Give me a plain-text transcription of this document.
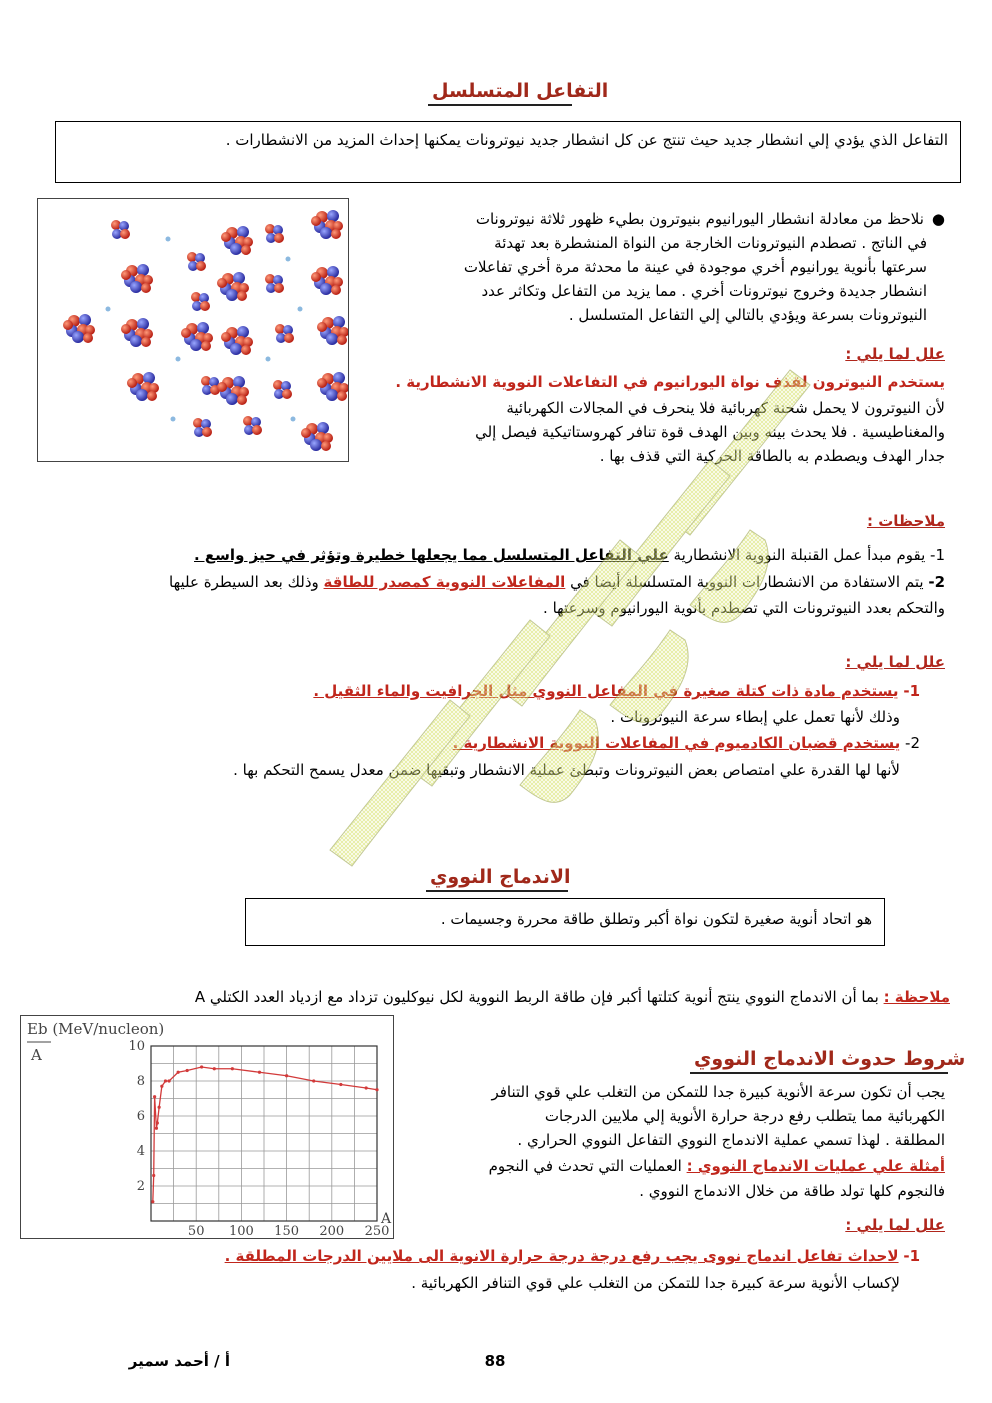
التفاعل المتسلسل
التفاعل الذي يؤدي إلي انشطار جديد حيث تنتج عن كل انشطار جديد نيوترونات يمكنها إحداث المزيد من الانشطارات .
●
نلاحظ من معادلة انشطار اليورانيوم بنيوترون بطيء ظهور ثلاثة نيوترونات
في الناتج . تصطدم النيوترونات الخارجة من النواة المنشطرة بعد تهدئة
سرعتها بأنوية يورانيوم أخري موجودة في عينة ما محدثة مرة أخري تفاعلات
انشطار جديدة وخروج نيوترونات أخري . مما يزيد من التفاعل وتكاثر عدد
النيوترونات بسرعة ويؤدي بالتالي إلي التفاعل المتسلسل .
علل لما يلي :
يستخدم النيوترون لقذف نواة اليورانيوم في التفاعلات النووية الانشطارية .
لأن النيوترون لا يحمل شحنة كهربائية فلا ينحرف في المجالات الكهربائية
والمغناطيسية . فلا يحدث بينه وبين الهدف قوة تنافر كهروستاتيكية فيصل إلي
جدار الهدف ويصطدم به بالطاقة الحركية التي قذف بها .
ملاحظات :
1- يقوم مبدأ عمل القنبلة النووية الانشطارية علي التفاعل المتسلسل مما يجعلها خطيرة وتؤثر في حيز واسع .
2- يتم الاستفادة من الانشطارات النووية المتسلسلة أيضا في المفاعلات النووية كمصدر للطاقة وذلك بعد السيطرة عليها
والتحكم بعدد النيوترونات التي تصطدم بأنوية اليورانيوم وسرعتها .
علل لما يلي :
1- يستخدم مادة ذات كتلة صغيرة في المفاعل النووي مثل الجرافيت والماء الثقيل .
وذلك لأنها تعمل علي إبطاء سرعة النيوترونات .
2- يستخدم قضبان الكادميوم في المفاعلات النووية الانشطارية .
لأنها لها القدرة علي امتصاص بعض النيوترونات وتبطئ عملية الانشطار وتبقيها ضمن معدل يسمح التحكم بها .
الاندماج النووي
هو اتحاد أنوية صغيرة لتكون نواة أكبر وتطلق طاقة محررة وجسيمات .
ملاحظة : بما أن الاندماج النووي ينتج أنوية كتلتها أكبر فإن طاقة الربط النووية لكل نيوكليون تزداد مع ازدياد العدد الكتلي A
50 100 150 200 250
2
4
6
8
10
Eb (MeV/nucleon)
A
A
شروط حدوث الاندماج النووي
يجب أن تكون سرعة الأنوية كبيرة جدا للتمكن من التغلب علي قوي التنافر
الكهربائية مما يتطلب رفع درجة حرارة الأنوية إلي ملايين الدرجات
المطلقة . لهذا تسمي عملية الاندماج النووي التفاعل النووي الحراري .
أمثلة علي عمليات الاندماج النووي : العمليات التي تحدث في النجوم
فالنجوم كلها تولد طاقة من خلال الاندماج النووي .
علل لما يلي :
1- لاحداث تفاعل اندماج نووى يجب رفع درجة درجة حرارة الانوية الى ملايين الدرجات المطلقة .
لإكساب الأنوية سرعة كبيرة جدا للتمكن من التغلب علي قوي التنافر الكهربائية .
88
أ / أحمد سمير
